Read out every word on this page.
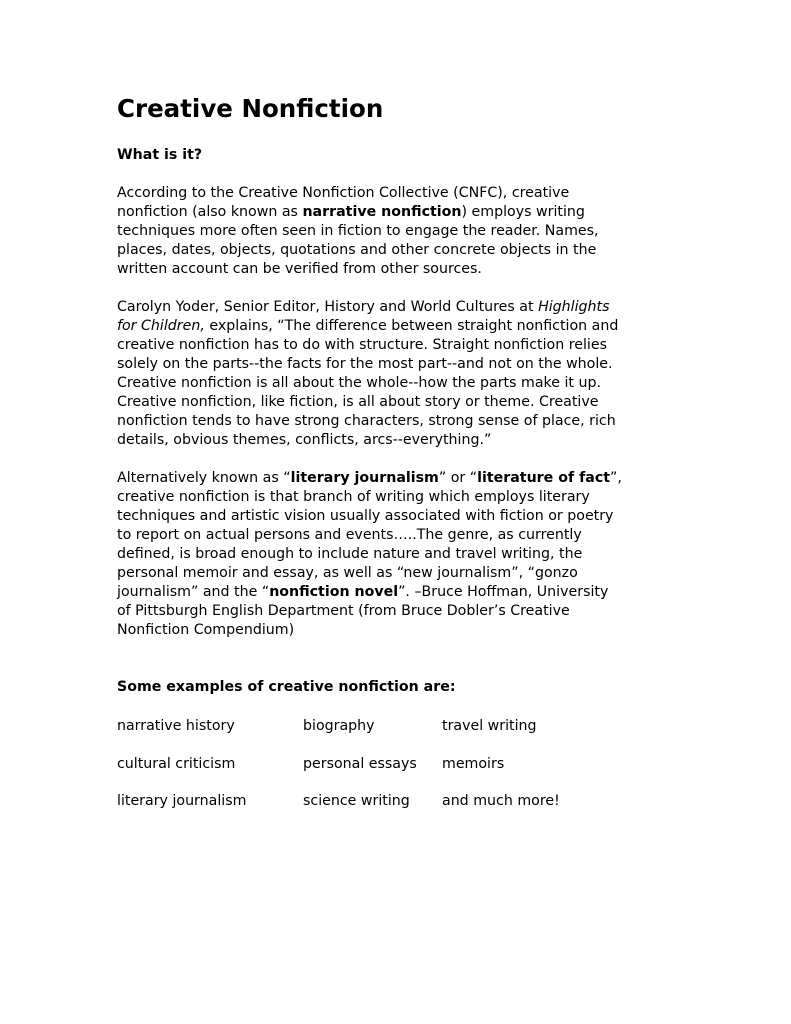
Creative Nonfiction
What is it?

According to the Creative Nonfiction Collective (CNFC), creative
nonfiction (also known as narrative nonfiction) employs writing
techniques more often seen in fiction to engage the reader. Names,
places, dates, objects, quotations and other concrete objects in the
written account can be verified from other sources.

Carolyn Yoder, Senior Editor, History and World Cultures at Highlights
for Children, explains, “The difference between straight nonfiction and
creative nonfiction has to do with structure. Straight nonfiction relies
solely on the parts--the facts for the most part--and not on the whole.
Creative nonfiction is all about the whole--how the parts make it up.
Creative nonfiction, like fiction, is all about story or theme. Creative
nonfiction tends to have strong characters, strong sense of place, rich
details, obvious themes, conflicts, arcs--everything.”

Alternatively known as “literary journalism” or “literature of fact”,
creative nonfiction is that branch of writing which employs literary
techniques and artistic vision usually associated with fiction or poetry
to report on actual persons and events…..The genre, as currently
defined, is broad enough to include nature and travel writing, the
personal memoir and essay, as well as “new journalism”, “gonzo
journalism” and the “nonfiction novel”. –Bruce Hoffman, University
of Pittsburgh English Department (from Bruce Dobler’s Creative
Nonfiction Compendium)

Some examples of creative nonfiction are:
narrative history	biography	travel writing
cultural criticism	personal essays	memoirs
literary journalism	science writing	and much more!
